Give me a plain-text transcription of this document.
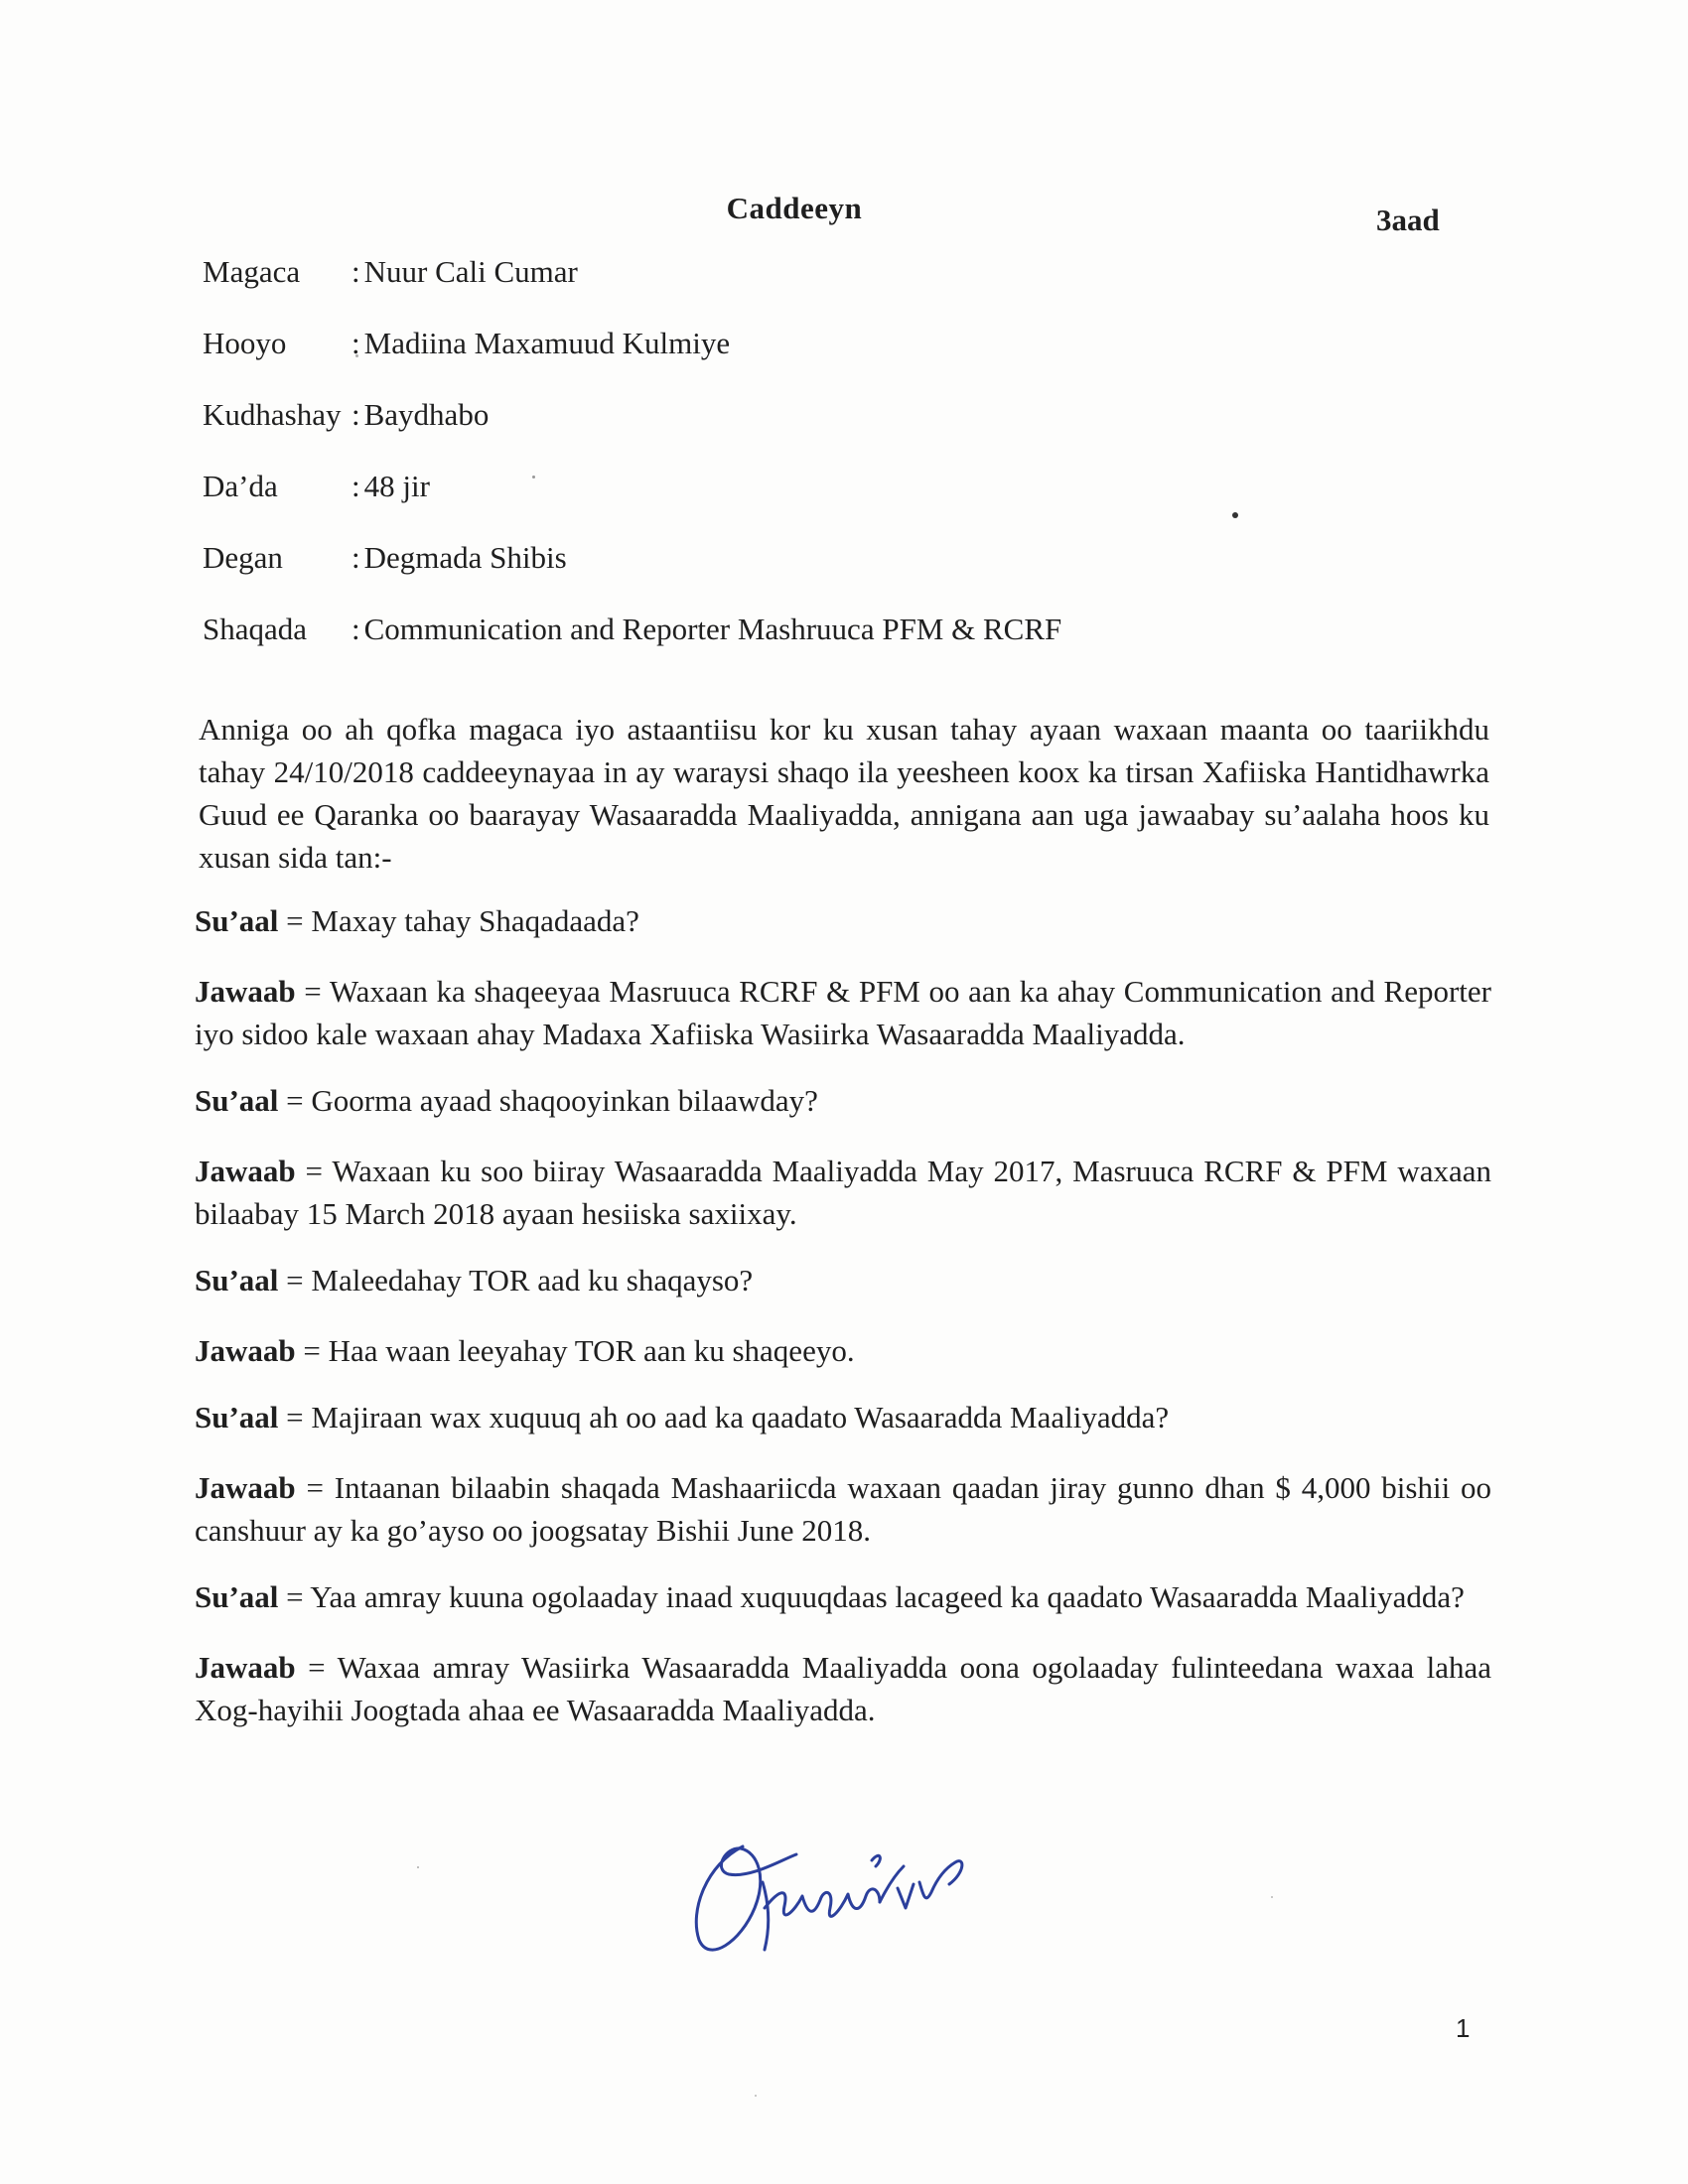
Caddeeyn	3aad
Magaca	: Nuur Cali Cumar
Hooyo	: Madiina Maxamuud Kulmiye
Kudhashay : Baydhabo
Da’da	: 48 jir
Degan	: Degmada Shibis
Shaqada	: Communication and Reporter Mashruuca PFM & RCRF

Anniga oo ah qofka magaca iyo astaantiisu kor ku xusan tahay ayaan waxaan maanta oo taariikhdu tahay 24/10/2018 caddeeynayaa in ay waraysi shaqo ila yeesheen koox ka tirsan Xafiiska Hantidhawrka Guud ee Qaranka oo baarayay Wasaaradda Maaliyadda, annigana aan uga jawaabay su’aalaha hoos ku xusan sida tan:-

Su’aal = Maxay tahay Shaqadaada?
Jawaab = Waxaan ka shaqeeyaa Masruuca RCRF & PFM oo aan ka ahay Communication and Reporter iyo sidoo kale waxaan ahay Madaxa Xafiiska Wasiirka Wasaaradda Maaliyadda.
Su’aal = Goorma ayaad shaqooyinkan bilaawday?
Jawaab = Waxaan ku soo biiray Wasaaradda Maaliyadda May 2017, Masruuca RCRF & PFM waxaan bilaabay 15 March 2018 ayaan hesiiska saxiixay.
Su’aal = Maleedahay TOR aad ku shaqayso?
Jawaab = Haa waan leeyahay TOR aan ku shaqeeyo.
Su’aal = Majiraan wax xuquuq ah oo aad ka qaadato Wasaaradda Maaliyadda?
Jawaab = Intaanan bilaabin shaqada Mashaariicda waxaan qaadan jiray gunno dhan $ 4,000 bishii oo canshuur ay ka go’ayso oo joogsatay Bishii June 2018.
Su’aal = Yaa amray kuuna ogolaaday inaad xuquuqdaas lacageed ka qaadato Wasaaradda Maaliyadda?
Jawaab = Waxaa amray Wasiirka Wasaaradda Maaliyadda oona ogolaaday fulinteedana waxaa lahaa Xog-hayihii Joogtada ahaa ee Wasaaradda Maaliyadda.
1
